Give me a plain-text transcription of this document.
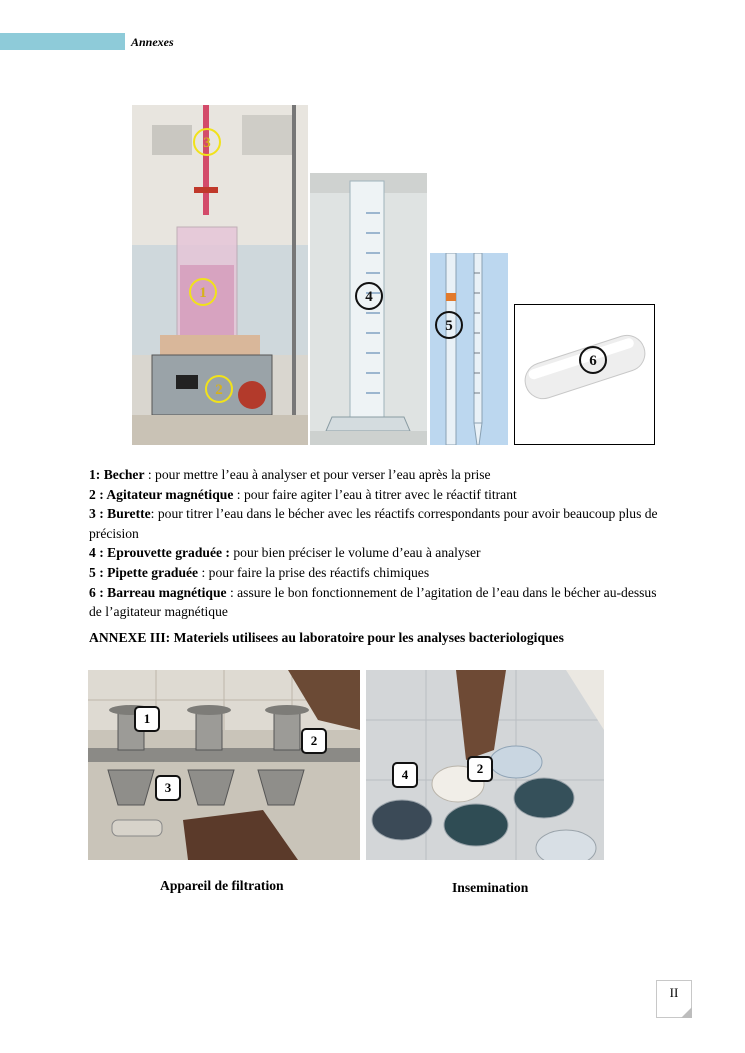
Annexes
3
1
2
4
5
6

1: Becher : pour mettre l’eau à analyser et pour verser l’eau après la prise

2 : Agitateur magnétique : pour faire agiter l’eau à titrer avec le réactif titrant

3 : Burette: pour titrer l’eau dans le bécher avec les réactifs correspondants pour avoir beaucoup plus de précision

4 : Eprouvette graduée : pour bien préciser le volume d’eau à analyser

5 : Pipette graduée : pour faire la prise des réactifs chimiques

6 : Barreau magnétique : assure le bon fonctionnement de l’agitation de l’eau dans le bécher au-dessus de l’agitateur magnétique

ANNEXE III: Materiels utilisees au laboratoire pour les analyses bacteriologiques
1
2
3
4	2
Appareil de filtration	Insemination
II
